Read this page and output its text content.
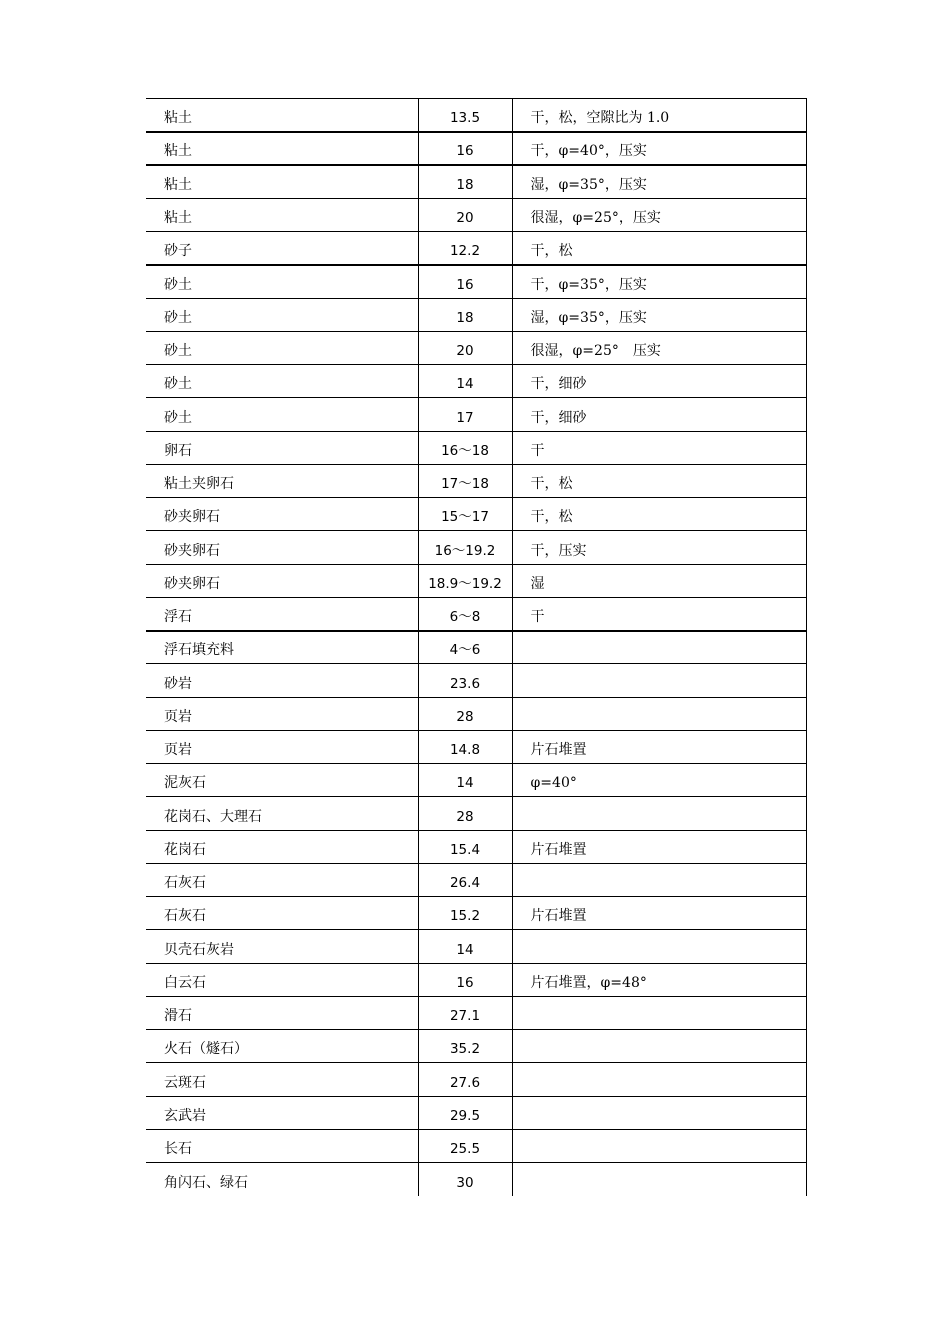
粘土	13.5	干，松，空隙比为 1.0
粘土	16	干，φ=40°，压实
粘土	18	湿，φ=35°，压实
粘土	20	很湿，φ=25°，压实
砂子	12.2	干，松
砂土	16	干，φ=35°，压实
砂土	18	湿，φ=35°，压实
砂土	20	很湿，φ=25°　压实
砂土	14	干，细砂
砂土	17	干，细砂
卵石	16～18	干
粘土夹卵石	17～18	干，松
砂夹卵石	15～17	干，松
砂夹卵石	16～19.2	干，压实
砂夹卵石	18.9～19.2	湿
浮石	6～8	干
浮石填充料	4～6	
砂岩	23.6	
页岩	28	
页岩	14.8	片石堆置
泥灰石	14	φ=40°
花岗石、大理石	28	
花岗石	15.4	片石堆置
石灰石	26.4	
石灰石	15.2	片石堆置
贝壳石灰岩	14	
白云石	16	片石堆置，φ=48°
滑石	27.1	
火石（燧石）	35.2	
云斑石	27.6	
玄武岩	29.5	
长石	25.5	
角闪石、绿石	30	
